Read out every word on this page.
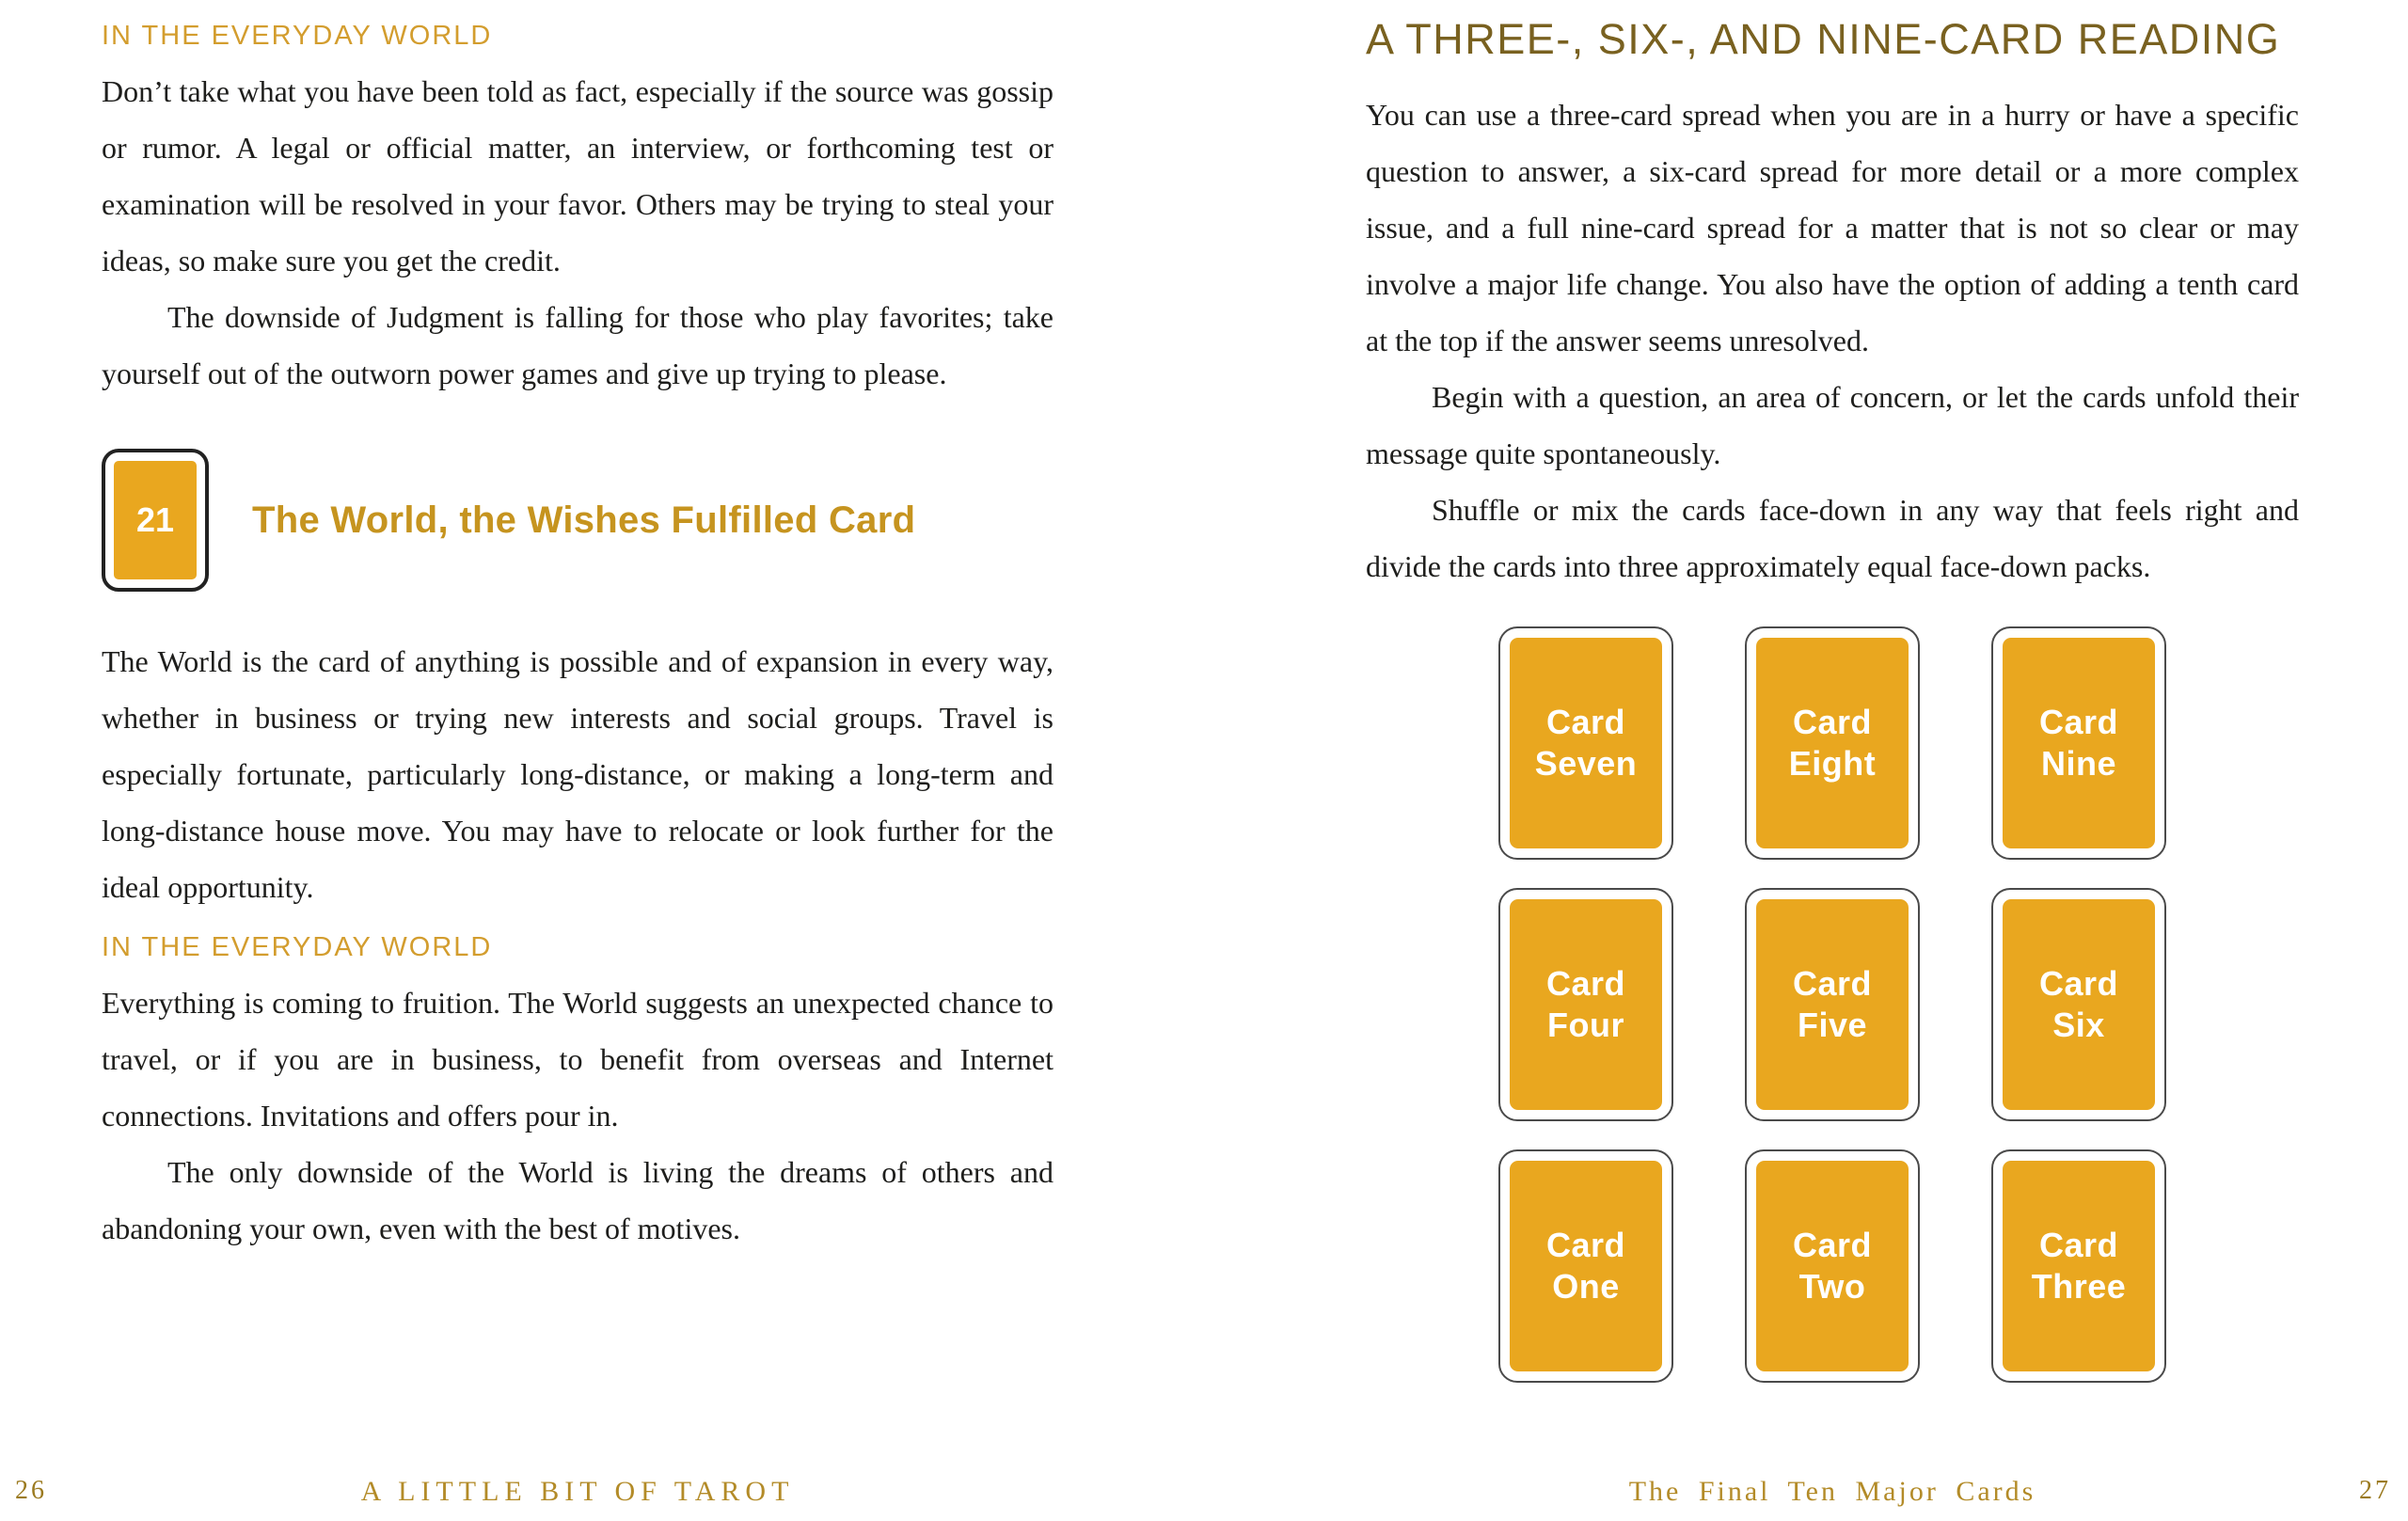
IN THE EVERYDAY WORLD

Don’t take what you have been told as fact, especially if the source was gossip or rumor. A legal or official matter, an interview, or forthcoming test or examination will be resolved in your favor. Others may be trying to steal your ideas, so make sure you get the credit.

The downside of Judgment is falling for those who play favorites; take yourself out of the outworn power games and give up trying to please.

21	The World, the Wishes Fulfilled Card

The World is the card of anything is possible and of expansion in every way, whether in business or trying new interests and social groups. Travel is especially fortunate, particularly long-distance, or making a long-term and long-distance house move. You may have to relocate or look further for the ideal opportunity.

IN THE EVERYDAY WORLD

Everything is coming to fruition. The World suggests an unexpected chance to travel, or if you are in business, to benefit from overseas and Internet connections. Invitations and offers pour in.

The only downside of the World is living the dreams of others and abandoning your own, even with the best of motives.

A LITTLE BIT OF TAROT
A THREE-, SIX-, AND NINE-CARD READING

You can use a three-card spread when you are in a hurry or have a specific question to answer, a six-card spread for more detail or a more complex issue, and a full nine-card spread for a matter that is not so clear or may involve a major life change. You also have the option of adding a tenth card at the top if the answer seems unresolved.

Begin with a question, an area of concern, or let the cards unfold their message quite spontaneously.

Shuffle or mix the cards face-down in any way that feels right and divide the cards into three approximately equal face-down packs.

Card Seven
Card Eight
Card Nine
Card Four
Card Five
Card Six
Card One
Card Two
Card Three
The Final Ten Major Cards
26	27
